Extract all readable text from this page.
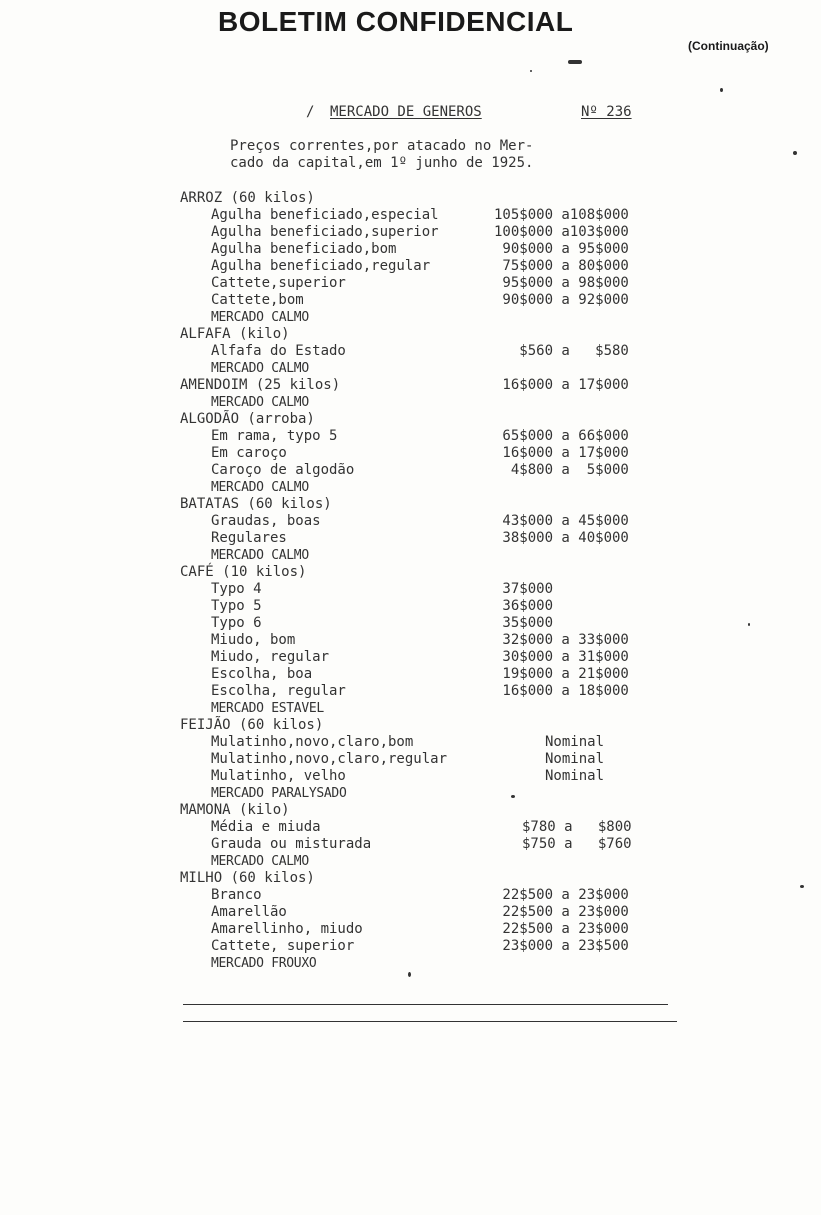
BOLETIM CONFIDENCIAL
(Continuação)
/ MERCADO DE GENEROS	Nº 236
Preços correntes,por atacado no Mer-
cado da capital,em 1º junho de 1925.
ARROZ (60 kilos)
Agulha beneficiado,especial	105$000 a108$000
Agulha beneficiado,superior	100$000 a103$000
Agulha beneficiado,bom	90$000 a 95$000
Agulha beneficiado,regular	75$000 a 80$000
Cattete,superior	95$000 a 98$000
Cattete,bom	90$000 a 92$000
MERCADO CALMO
ALFAFA (kilo)
Alfafa do Estado	$560 a   $580
MERCADO CALMO
AMENDOIM (25 kilos)	16$000 a 17$000
MERCADO CALMO
ALGODÃO (arroba)
Em rama, typo 5	65$000 a 66$000
Em caroço	16$000 a 17$000
Caroço de algodão	4$800 a  5$000
MERCADO CALMO
BATATAS (60 kilos)
Graudas, boas	43$000 a 45$000
Regulares	38$000 a 40$000
MERCADO CALMO
CAFÉ (10 kilos)
Typo 4	37$000
Typo 5	36$000
Typo 6	35$000
Miudo, bom	32$000 a 33$000
Miudo, regular	30$000 a 31$000
Escolha, boa	19$000 a 21$000
Escolha, regular	16$000 a 18$000
MERCADO ESTAVEL
FEIJÃO (60 kilos)
Mulatinho,novo,claro,bom	Nominal
Mulatinho,novo,claro,regular	Nominal
Mulatinho, velho	Nominal
MERCADO PARALYSADO
MAMONA (kilo)
Média e miuda	$780 a   $800
Grauda ou misturada	$750 a   $760
MERCADO CALMO
MILHO (60 kilos)
Branco	22$500 a 23$000
Amarellão	22$500 a 23$000
Amarellinho, miudo	22$500 a 23$000
Cattete, superior	23$000 a 23$500
MERCADO FROUXO
